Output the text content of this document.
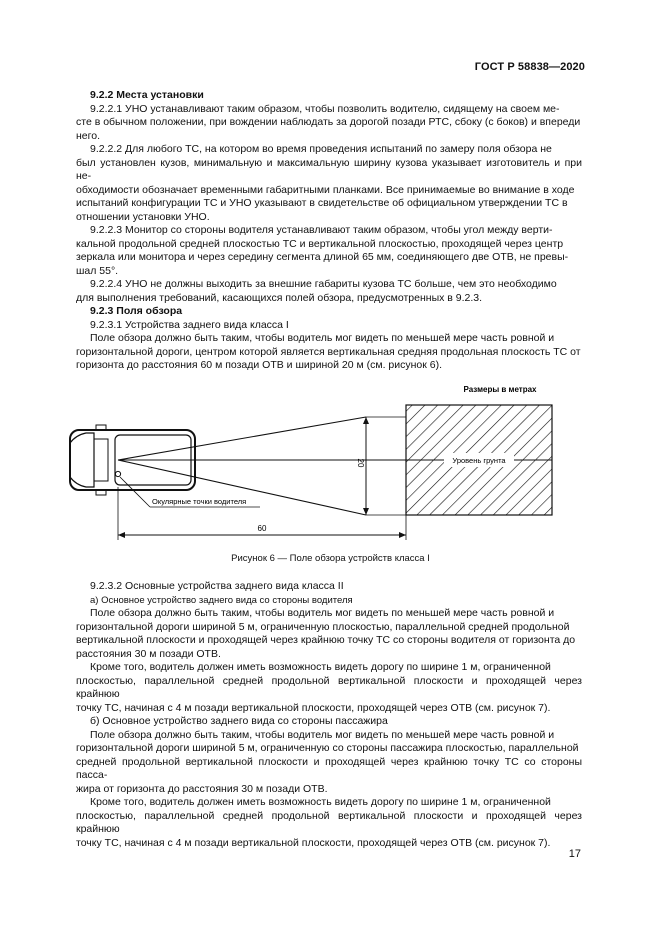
ГОСТ Р 58838—2020
9.2.2 Места установки
9.2.2.1 УНО устанавливают таким образом, чтобы позволить водителю, сидящему на своем ме-
сте в обычном положении, при вождении наблюдать за дорогой позади РТС, сбоку (с боков) и впереди
него.
9.2.2.2 Для любого ТС, на котором во время проведения испытаний по замеру поля обзора не
был установлен кузов, минимальную и максимальную ширину кузова указывает изготовитель и при не-
обходимости обозначает временными габаритными планками. Все принимаемые во внимание в ходе
испытаний конфигурации ТС и УНО указывают в свидетельстве об официальном утверждении ТС в
отношении установки УНО.
9.2.2.3 Монитор со стороны водителя устанавливают таким образом, чтобы угол между верти-
кальной продольной средней плоскостью ТС и вертикальной плоскостью, проходящей через центр
зеркала или монитора и через середину сегмента длиной 65 мм, соединяющего две ОТВ, не превы-
шал 55°.
9.2.2.4 УНО не должны выходить за внешние габариты кузова ТС больше, чем это необходимо
для выполнения требований, касающихся полей обзора, предусмотренных в 9.2.3.
9.2.3 Поля обзора
9.2.3.1 Устройства заднего вида класса I
Поле обзора должно быть таким, чтобы водитель мог видеть по меньшей мере часть ровной и
горизонтальной дороги, центром которой является вертикальная средняя продольная плоскость ТС от
горизонта до расстояния 60 м позади ОТВ и шириной 20 м (см. рисунок 6).
Размеры в метрах
20	Уровень грунта
Окулярные точки водителя
60
Рисунок 6 — Поле обзора устройств класса I
9.2.3.2 Основные устройства заднего вида класса II
а) Основное устройство заднего вида со стороны водителя
Поле обзора должно быть таким, чтобы водитель мог видеть по меньшей мере часть ровной и
горизонтальной дороги шириной 5 м, ограниченную плоскостью, параллельной средней продольной
вертикальной плоскости и проходящей через крайнюю точку ТС со стороны водителя от горизонта до
расстояния 30 м позади ОТВ.
Кроме того, водитель должен иметь возможность видеть дорогу по ширине 1 м, ограниченной
плоскостью, параллельной средней продольной вертикальной плоскости и проходящей через крайнюю
точку ТС, начиная с 4 м позади вертикальной плоскости, проходящей через ОТВ (см. рисунок 7).
б) Основное устройство заднего вида со стороны пассажира
Поле обзора должно быть таким, чтобы водитель мог видеть по меньшей мере часть ровной и
горизонтальной дороги шириной 5 м, ограниченную со стороны пассажира плоскостью, параллельной
средней продольной вертикальной плоскости и проходящей через крайнюю точку ТС со стороны пасса-
жира от горизонта до расстояния 30 м позади ОТВ.
Кроме того, водитель должен иметь возможность видеть дорогу по ширине 1 м, ограниченной
плоскостью, параллельной средней продольной вертикальной плоскости и проходящей через крайнюю
точку ТС, начиная с 4 м позади вертикальной плоскости, проходящей через ОТВ (см. рисунок 7).
17
